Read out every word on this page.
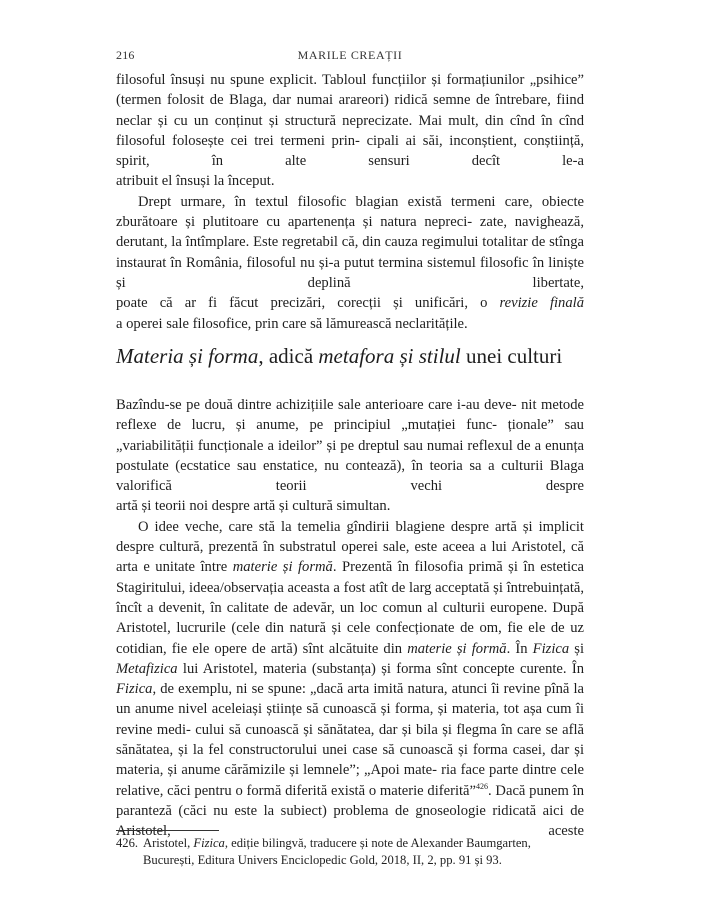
216	MARILE CREAȚII

filosoful însuși nu spune explicit. Tabloul funcțiilor și formațiunilor „psihice” (termen folosit de Blaga, dar numai arareori) ridică semne de întrebare, fiind neclar și cu un conținut și structură neprecizate. Mai mult, din cînd în cînd filosoful folosește cei trei termeni prin- cipali ai săi, inconștient, conștiință, spirit, în alte sensuri decît le-a

atribuit el însuși la început.

Drept urmare, în textul filosofic blagian există termeni care, obiecte zburătoare și plutitoare cu apartenența și natura nepreci- zate, navighează, derutant, la întîmplare. Este regretabil că, din cauza regimului totalitar de stînga instaurat în România, filosoful nu și-a putut termina sistemul filosofic în liniște și deplină libertate,

poate că ar fi făcut precizări, corecții și unificări, o revizie finală

a operei sale filosofice, prin care să lămurească neclaritățile.

Materia și forma, adică metafora și stilul unei culturi

Bazîndu-se pe două dintre achizițiile sale anterioare care i-au deve- nit metode reflexe de lucru, și anume, pe principiul „mutației func- ționale” sau „variabilității funcționale a ideilor” și pe dreptul sau numai reflexul de a enunța postulate (ecstatice sau enstatice, nu contează), în teoria sa a culturii Blaga valorifică teorii vechi despre

artă și teorii noi despre artă și cultură simultan.

O idee veche, care stă la temelia gîndirii blagiene despre artă și implicit despre cultură, prezentă în substratul operei sale, este aceea a lui Aristotel, că arta e unitate între materie și formă. Prezentă în filosofia primă și în estetica Stagiritului, ideea/observația aceasta a fost atît de larg acceptată și întrebuințată, încît a devenit, în calitate de adevăr, un loc comun al culturii europene. După Aristotel, lucrurile (cele din natură și cele confecționate de om, fie ele de uz cotidian, fie ele opere de artă) sînt alcătuite din materie și formă. În Fizica și Metafizica lui Aristotel, materia (substanța) și forma sînt concepte curente. În Fizica, de exemplu, ni se spune: „dacă arta imită natura, atunci îi revine pînă la un anume nivel aceleiași științe să cunoască și forma, și materia, tot așa cum îi revine medi- cului să cunoască și sănătatea, dar și bila și flegma în care se află sănătatea, și la fel constructorului unei case să cunoască și forma casei, dar și materia, și anume cărămizile și lemnele”; „Apoi mate- ria face parte dintre cele relative, căci pentru o formă diferită există o materie diferită”$^{426}$. Dacă punem în paranteză (căci nu este la subiect) problema de gnoseologie ridicată aici de Aristotel, aceste

426. Aristotel, Fizica, ediție bilingvă, traducere și note de Alexander Baumgarten,
București, Editura Univers Enciclopedic Gold, 2018, II, 2, pp. 91 și 93.
